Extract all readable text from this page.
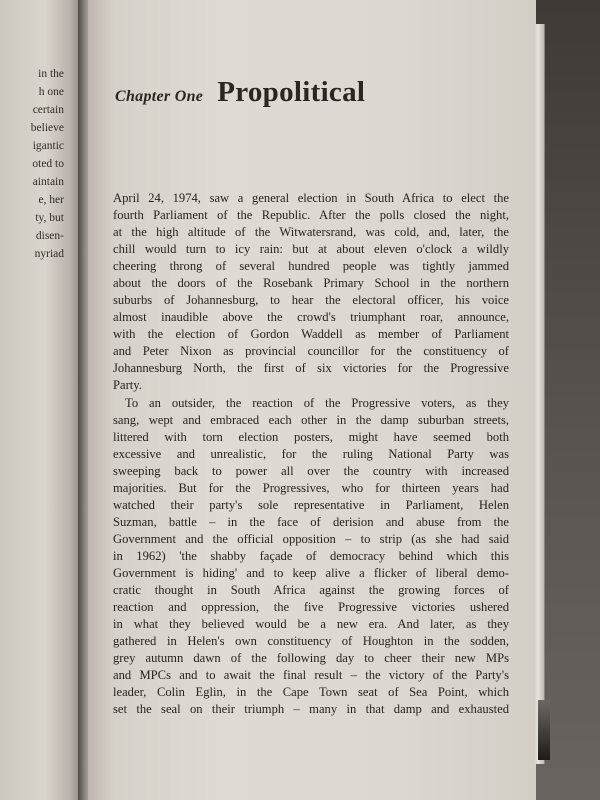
in the

h one

certain

believe

igantic

oted to

aintain

e, her

ty, but

disen-

nyriad

Chapter One Propolitical

April 24, 1974, saw a general election in South Africa to elect the

fourth Parliament of the Republic. After the polls closed the night,

at the high altitude of the Witwatersrand, was cold, and, later, the

chill would turn to icy rain: but at about eleven o'clock a wildly

cheering throng of several hundred people was tightly jammed

about the doors of the Rosebank Primary School in the northern

suburbs of Johannesburg, to hear the electoral officer, his voice

almost inaudible above the crowd's triumphant roar, announce,

with the election of Gordon Waddell as member of Parliament

and Peter Nixon as provincial councillor for the constituency of

Johannesburg North, the first of six victories for the Progressive

Party.

To an outsider, the reaction of the Progressive voters, as they

sang, wept and embraced each other in the damp suburban streets,

littered with torn election posters, might have seemed both

excessive and unrealistic, for the ruling National Party was

sweeping back to power all over the country with increased

majorities. But for the Progressives, who for thirteen years had

watched their party's sole representative in Parliament, Helen

Suzman, battle – in the face of derision and abuse from the

Government and the official opposition – to strip (as she had said

in 1962) 'the shabby façade of democracy behind which this

Government is hiding' and to keep alive a flicker of liberal demo-

cratic thought in South Africa against the growing forces of

reaction and oppression, the five Progressive victories ushered

in what they believed would be a new era. And later, as they

gathered in Helen's own constituency of Houghton in the sodden,

grey autumn dawn of the following day to cheer their new MPs

and MPCs and to await the final result – the victory of the Party's

leader, Colin Eglin, in the Cape Town seat of Sea Point, which

set the seal on their triumph – many in that damp and exhausted
